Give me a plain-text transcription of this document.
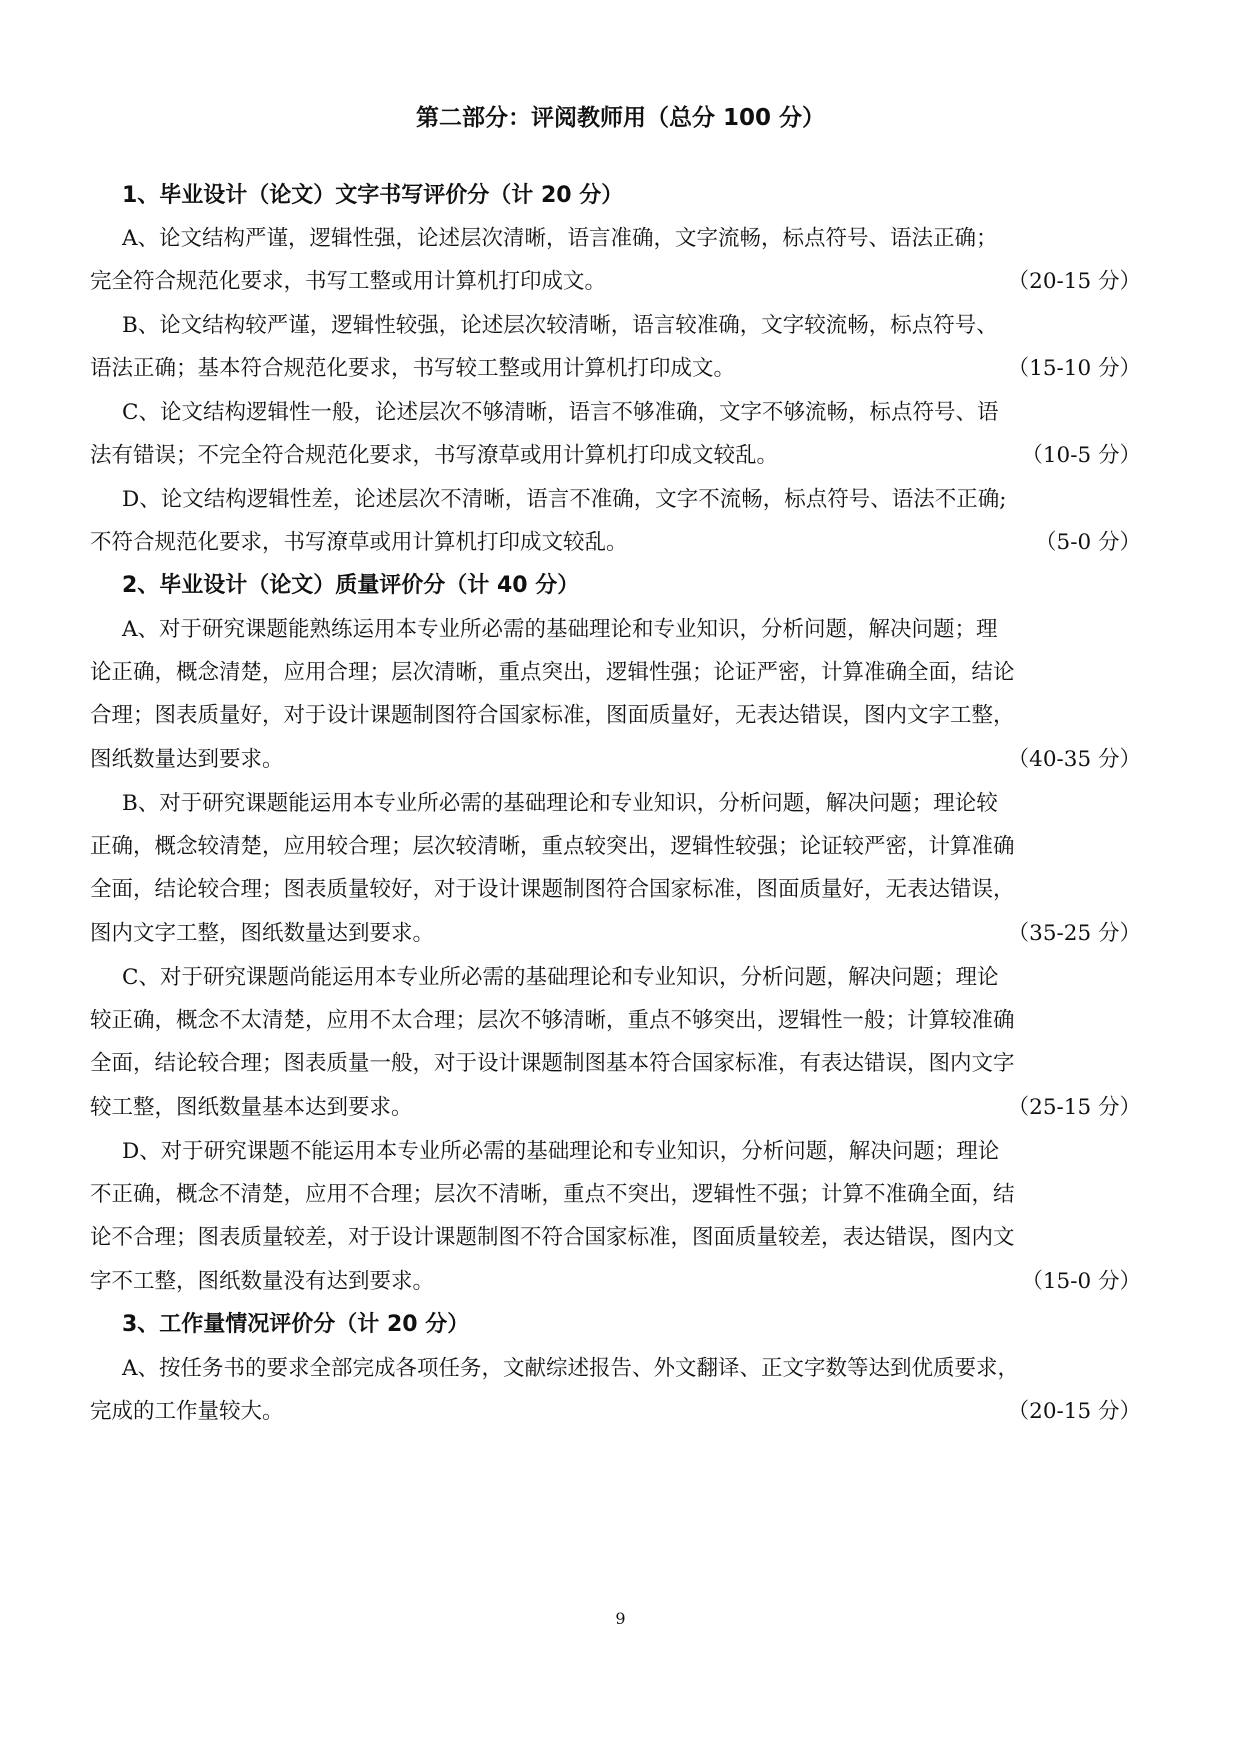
第二部分：评阅教师用（总分 100 分）
1、毕业设计（论文）文字书写评价分（计 20 分）
A、论文结构严谨，逻辑性强，论述层次清晰，语言准确，文字流畅，标点符号、语法正确；
完全符合规范化要求，书写工整或用计算机打印成文。	（20-15 分）
B、论文结构较严谨，逻辑性较强，论述层次较清晰，语言较准确，文字较流畅，标点符号、
语法正确；基本符合规范化要求，书写较工整或用计算机打印成文。	（15-10 分）
C、论文结构逻辑性一般，论述层次不够清晰，语言不够准确，文字不够流畅，标点符号、语
法有错误；不完全符合规范化要求，书写潦草或用计算机打印成文较乱。	（10-5 分）
D、论文结构逻辑性差，论述层次不清晰，语言不准确，文字不流畅，标点符号、语法不正确;
不符合规范化要求，书写潦草或用计算机打印成文较乱。	（5-0 分）
2、毕业设计（论文）质量评价分（计 40 分）
A、对于研究课题能熟练运用本专业所必需的基础理论和专业知识，分析问题，解决问题；理
论正确，概念清楚，应用合理；层次清晰，重点突出，逻辑性强；论证严密，计算准确全面，结论
合理；图表质量好，对于设计课题制图符合国家标准，图面质量好，无表达错误，图内文字工整，
图纸数量达到要求。	（40-35 分）
B、对于研究课题能运用本专业所必需的基础理论和专业知识，分析问题，解决问题；理论较
正确，概念较清楚，应用较合理；层次较清晰，重点较突出，逻辑性较强；论证较严密，计算准确
全面，结论较合理；图表质量较好，对于设计课题制图符合国家标准，图面质量好，无表达错误，
图内文字工整，图纸数量达到要求。	（35-25 分）
C、对于研究课题尚能运用本专业所必需的基础理论和专业知识，分析问题，解决问题；理论
较正确，概念不太清楚，应用不太合理；层次不够清晰，重点不够突出，逻辑性一般；计算较准确
全面，结论较合理；图表质量一般，对于设计课题制图基本符合国家标准，有表达错误，图内文字
较工整，图纸数量基本达到要求。	（25-15 分）
D、对于研究课题不能运用本专业所必需的基础理论和专业知识，分析问题，解决问题；理论
不正确，概念不清楚，应用不合理；层次不清晰，重点不突出，逻辑性不强；计算不准确全面，结
论不合理；图表质量较差，对于设计课题制图不符合国家标准，图面质量较差，表达错误，图内文
字不工整，图纸数量没有达到要求。	（15-0 分）
3、工作量情况评价分（计 20 分）
A、按任务书的要求全部完成各项任务，文献综述报告、外文翻译、正文字数等达到优质要求，
完成的工作量较大。	（20-15 分）
9
